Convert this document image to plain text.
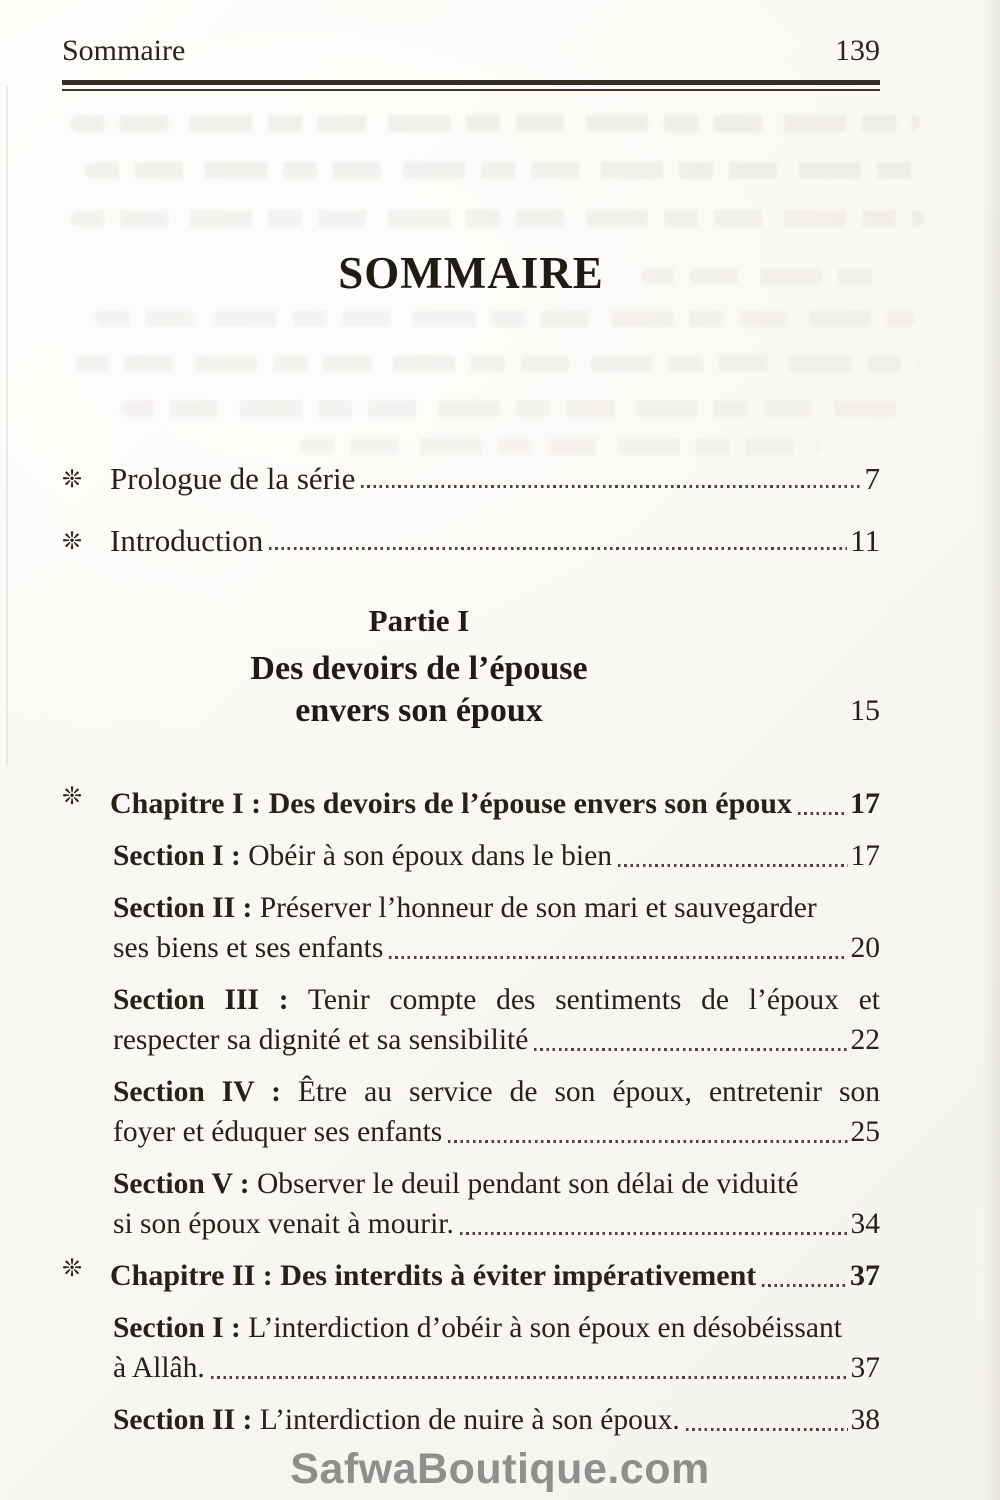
Sommaire	139
SOMMAIRE
❊ Prologue de la série	7
❊ Introduction	11
Partie I
Des devoirs de l’épouse
envers son époux	15
❊ Chapitre I : Des devoirs de l’épouse envers son époux 17
Section I : Obéir à son époux dans le bien	17
Section II : Préserver l’honneur de son mari et sauvegarder
ses biens et ses enfants	20
Section III : Tenir compte des sentiments de l’époux et
respecter sa dignité et sa sensibilité	22
Section IV : Être au service de son époux, entretenir son
foyer et éduquer ses enfants	25
Section V : Observer le deuil pendant son délai de viduité
si son époux venait à mourir.	34
❊ Chapitre II : Des interdits à éviter impérativement	37
Section I : L’interdiction d’obéir à son époux en désobéissant
à Allâh.	37
Section II : L’interdiction de nuire à son époux.	38
SafwaBoutique.com
